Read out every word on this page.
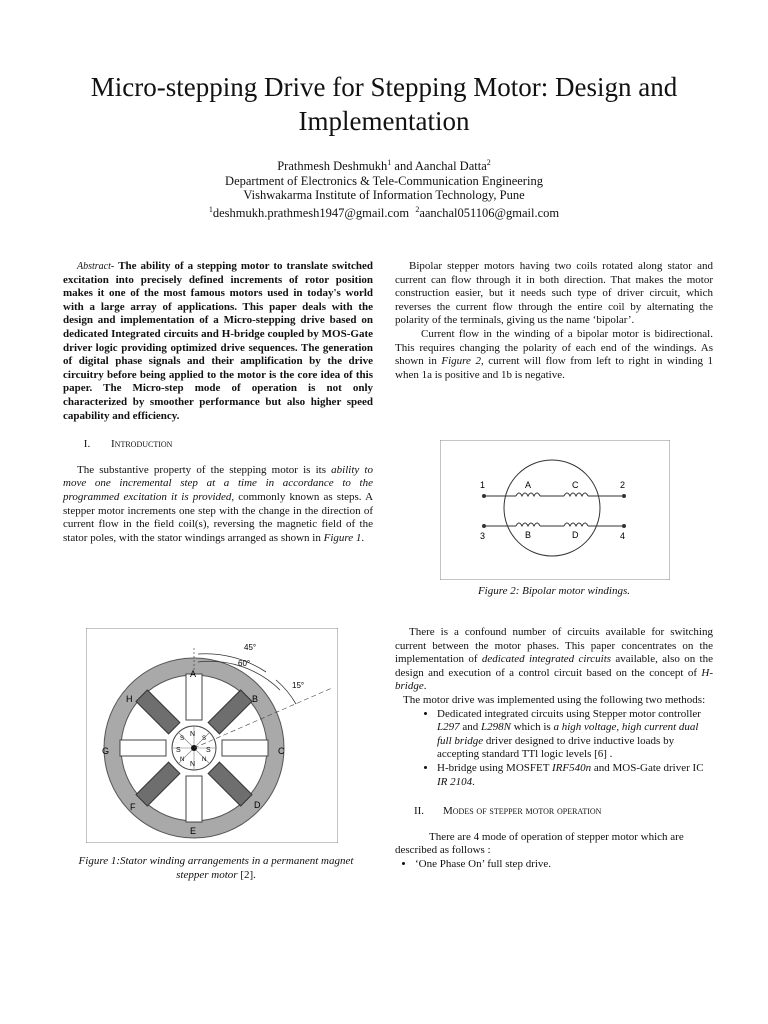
Micro-stepping Drive for Stepping Motor: Design and Implementation
Prathmesh Deshmukh$^1$ and Aanchal Datta$^2$
Department of Electronics & Tele-Communication Engineering
Vishwakarma Institute of Information Technology, Pune
$^1$deshmukh.prathmesh1947@gmail.com $^2$aanchal051106@gmail.com

Abstract- The ability of a stepping motor to translate switched excitation into precisely defined increments of rotor position makes it one of the most famous motors used in today's world with a large array of applications. This paper deals with the design and implementation of a Micro-stepping drive based on dedicated Integrated circuits and H-bridge coupled by MOS-Gate driver logic providing optimized drive sequences. The generation of digital phase signals and their amplification by the drive circuitry before being applied to the motor is the core idea of this paper. The Micro-step mode of operation is not only characterized by smoother performance but also higher speed capability and efficiency.

I. Introduction

The substantive property of the stepping motor is its ability to move one incremental step at a time in accordance to the programmed excitation it is provided, commonly known as steps. A stepper motor increments one step with the change in the direction of current flow in the field coil(s), reversing the magnetic field of the stator poles, with the stator windings arranged as shown in Figure 1.

N
S
N
S
S
S
N
N
A
B
C
D
E
F
G
H
45°
60°
15°
Figure 1:Stator winding arrangements in a permanent magnet stepper motor [2].

Bipolar stepper motors having two coils rotated along stator and current can flow through it in both direction. That makes the motor construction easier, but it needs such type of driver circuit, which reverses the current flow through the entire coil by alternating the polarity of the terminals, giving us the name ‘bipolar’.

Current flow in the winding of a bipolar motor is bidirectional. This requires changing the polarity of each end of the windings. As shown in Figure 2, current will flow from left to right in winding 1 when 1a is positive and 1b is negative.

1	2
3	4
A	C
B	D
Figure 2: Bipolar motor windings.

There is a confound number of circuits available for switching current between the motor phases. This paper concentrates on the implementation of dedicated integrated circuits available, also on the design and execution of a control circuit based on the concept of H-bridge.

The motor drive was implemented using the following two methods:

• Dedicated integrated circuits using Stepper motor controller L297 and L298N which is a high voltage, high current dual full bridge driver designed to drive inductive loads by accepting standard TTl logic levels [6] .
• H-bridge using MOSFET IRF540n and MOS-Gate driver IC IR 2104.
II. Modes of stepper motor operation

There are 4 mode of operation of stepper motor which are described as follows :

• ‘One Phase On’ full step drive.
